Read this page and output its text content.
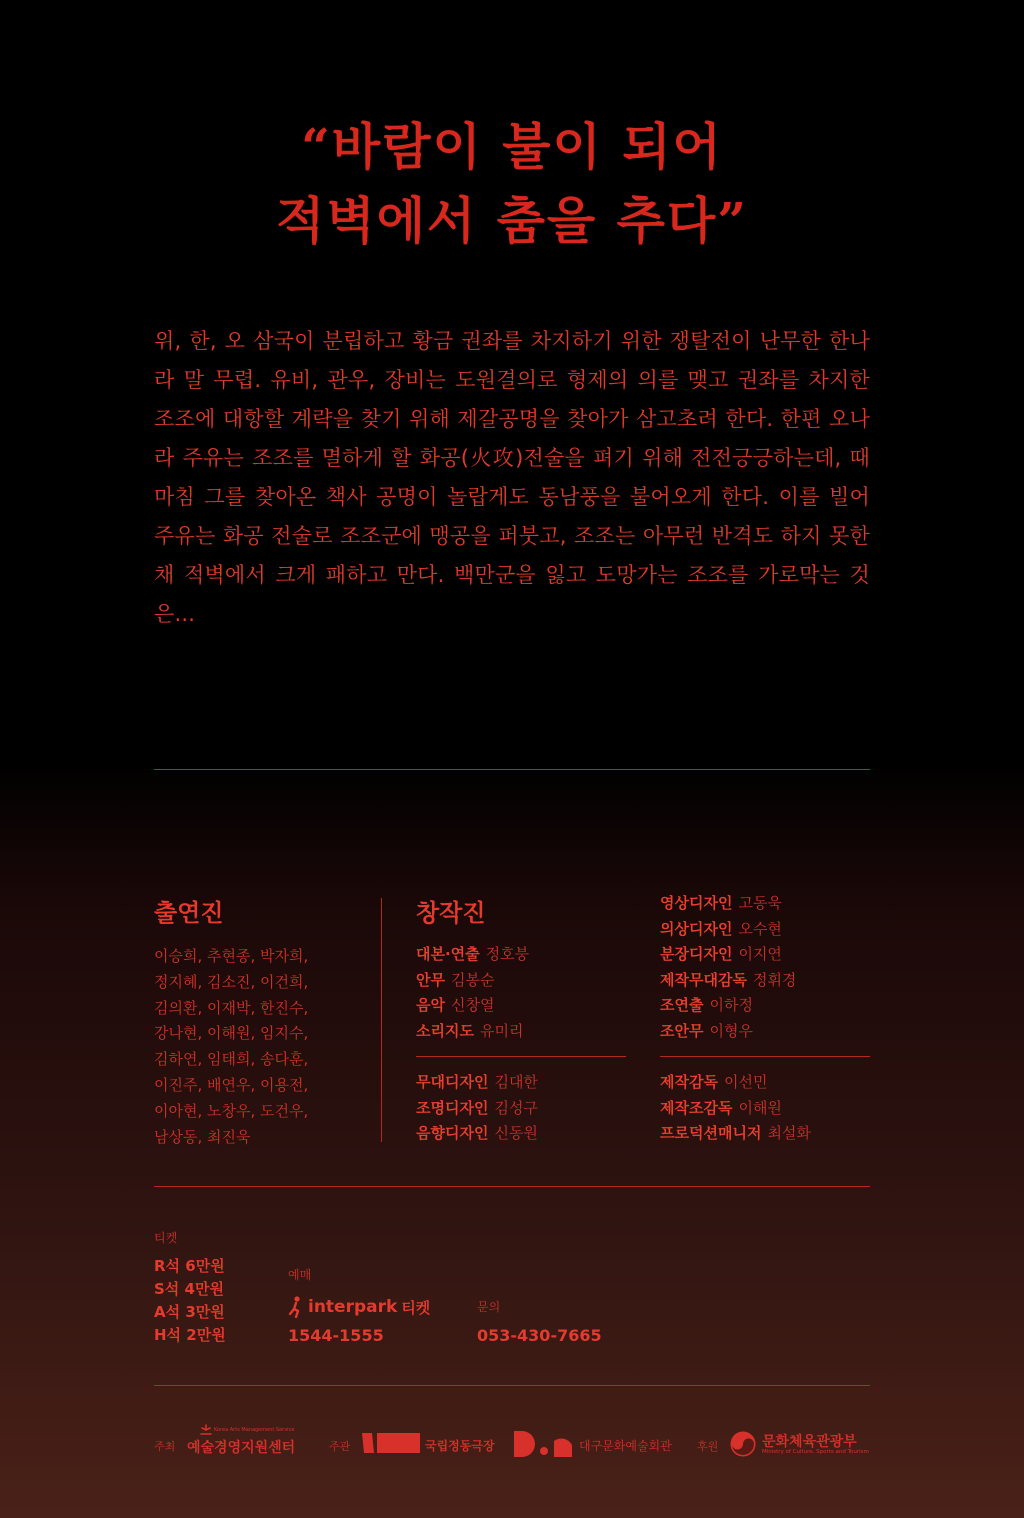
“바람이 불이 되어
적벽에서 춤을 추다”
위, 한, 오 삼국이 분립하고 황금 권좌를 차지하기 위한 쟁탈전이 난무한 한나라 말 무렵. 유비, 관우, 장비는 도원결의로 형제의 의를 맺고 권좌를 차지한 조조에 대항할 계략을 찾기 위해 제갈공명을 찾아가 삼고초려 한다. 한편 오나라 주유는 조조를 멸하게 할 화공(火攻)전술을 펴기 위해 전전긍긍하는데, 때마침 그를 찾아온 책사 공명이 놀랍게도 동남풍을 불어오게 한다. 이를 빌어 주유는 화공 전술로 조조군에 맹공을 퍼붓고, 조조는 아무런 반격도 하지 못한 채 적벽에서 크게 패하고 만다. 백만군을 잃고 도망가는 조조를 가로막는 것은...
출연진
이승희, 추현종, 박자희,
정지혜, 김소진, 이건희,
김의환, 이재박, 한진수,
강나현, 이해원, 임지수,
김하연, 임태희, 송다훈,
이진주, 배연우, 이용전,
이아현, 노창우, 도건우,
남상동, 최진욱
창작진
대본·연출 정호붕
안무 김봉순
음악 신창열
소리지도 유미리
무대디자인 김대한
조명디자인 김성구
음향디자인 신동원
영상디자인 고동욱
의상디자인 오수현
분장디자인 이지연
제작무대감독 정휘경
조연출 이하정
조안무 이형우
제작감독 이선민
제작조감독 이해원
프로덕션매니저 최설화
티켓
R석 6만원
S석 4만원
A석 3만원
H석 2만원
예매
interpark 티켓
1544-1555
문의
053-430-7665
주최
Korea Arts Management Service
예술경영지원센터	주관	국립정동극장	대구문화예술회관 후원	문화체육관광부
Ministry of Culture, Sports and Tourism
